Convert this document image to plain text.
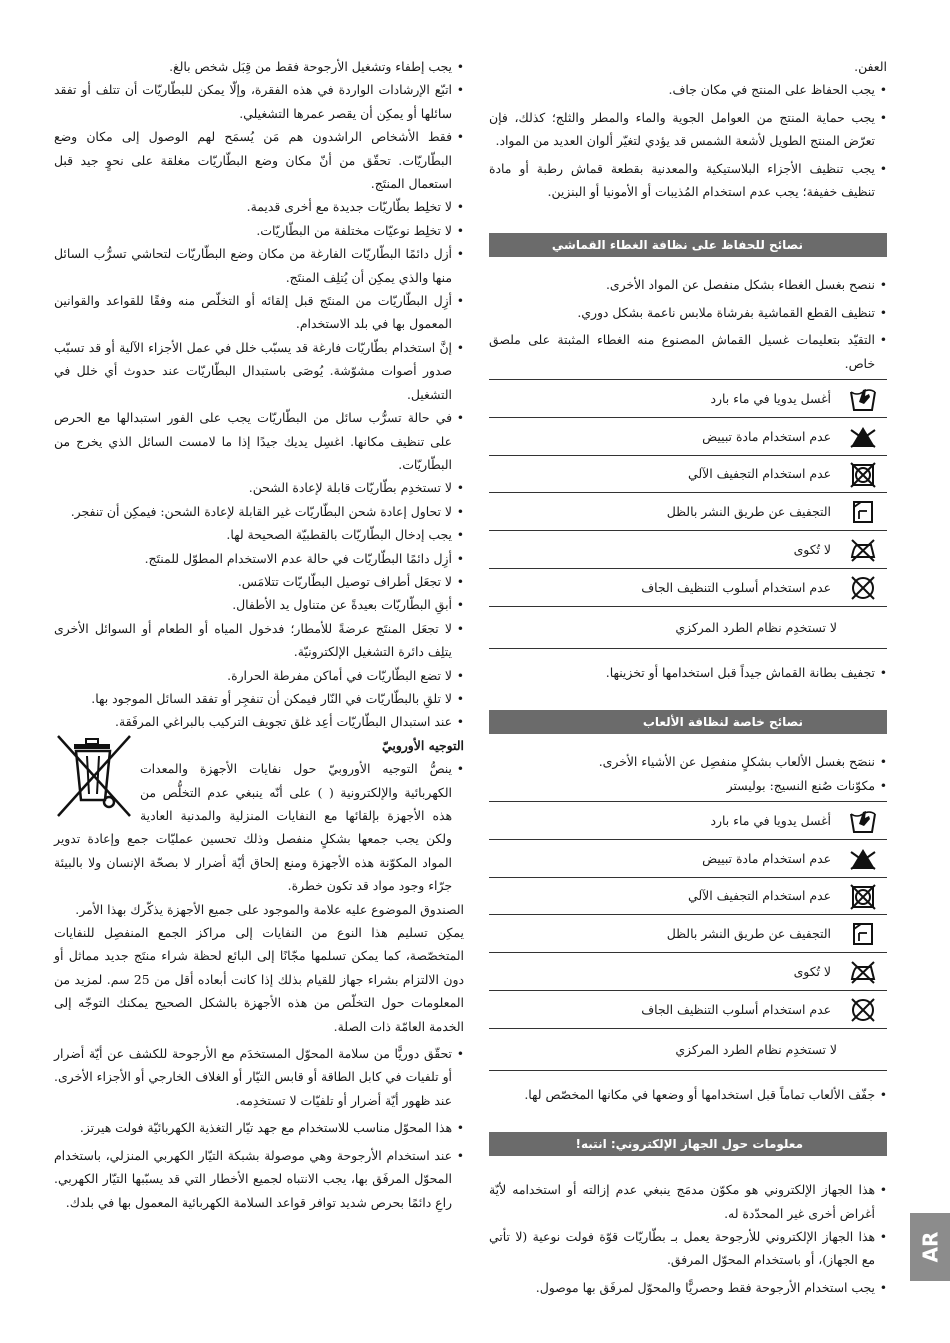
العفن.
• يجب الحفاظ على المنتج في مكان جاف.
• يجب حماية المنتج من العوامل الجوية والماء والمطر والثلج؛ كذلك، فإن تعرّض المنتج الطويل لأشعة الشمس قد يؤدي لتغيّر ألوان العديد من المواد.
• يجب تنظيف الأجزاء البلاستيكية والمعدنية بقطعة قماش رطبة أو مادة تنظيف خفيفة؛ يجب عدم استخدام المُذيبات أو الأمونيا أو البنزين.
نصائح للحفاظ على نظافة الغطاء القماشي
• ننصح بغسل الغطاء بشكل منفصل عن المواد الأخرى.
• تنظيف القطع القماشية بفرشاة ملابس ناعمة بشكل دوري.
• التقيّد بتعليمات غسيل القماش المصنوع منه الغطاء المثبتة على ملصق خاص.
أغسل يدويا في ماء بارد
عدم استخدام مادة تبييض
عدم استخدام التجفيف الآلي
التجفيف عن طريق النشر بالظل
لا تُكوى
عدم استخدام أسلوب التنظيف الجاف
لا تستخدِم نظام الطرد المركزي
• تجفيف بطانة القماش جيداً قبل استخدامها أو تخزينها.
نصائح خاصة لنظافة الألعاب
• ننصَح بغسل الألعاب بشكلٍ منفصِل عن الأشياء الأخرى.
• مكوّنات صُنع النسيج: بوليستر
أغسل يدويا في ماء بارد
عدم استخدام مادة تبييض
عدم استخدام التجفيف الآلي
التجفيف عن طريق النشر بالظل
لا تُكوى
عدم استخدام أسلوب التنظيف الجاف
لا تستخدِم نظام الطرد المركزي
• جفّف الألعاب تماماً قبل استخدامها أو وضعها في مكانها المخصّص لها.
معلومات حول الجهاز الإلكتروني: انتبه!
• هذا الجهاز الإلكتروني هو مكوّن مدمَج ينبغي عدم إزالته أو استخدامه لأيّة أغراض أخرى غير المحدّدة له.
• هذا الجهاز الإلكتروني للأرجوحة يعمل بـ بطّاريّات قوّة فولت نوعية (لا تأتي مع الجهاز)، أو باستخدام المحوّل المرفق.
• يجب استخدام الأرجوحة فقط وحصريًّا والمحوّل لمرفَق بها موصول.
• يجب إطفاء وتشغيل الأرجوحة فقط من قِبَل شخص بالغ.
• اتبّع الإرشادات الواردة في هذه الفقرة، وإلّا يمكن للبطّاريّات أن تتلف أو تفقد سائلها أو يمكِن أن يقصر عمرها التشغيلي.
• فقط الأشخاص الراشدون هم مَن يُسمَح لهم الوصول إلى مكان وضع البطّاريّات. تحقّق من أنّ مكان وضع البطّاريّات مغلقة على نحوٍ جيد قبل استعمال المنتَج.
• لا تخلِط بطّاريّات جديدة مع أخرى قديمة.
• لا تخلِط نوعيّات مختلفة من البطّاريّات.
• أزل دائمًا البطّاريّات الفارغة من مكان وضع البطّاريّات لتحاشي تسرُّب السائل منها والذي يمكِن أن يُتلِف المنتَج.
• أزِل البطّاريّات من المنتَج قبل إلقائه أو التخلّص منه وفقًا للقواعد والقوانين المعمول بها في بلد الاستخدام.
• إنَّ استخدام بطّاريّات فارغة قد يسبّب خلل في عمل الأجزاء الآلية أو قد تسبّب صدور أصوات مشوّشة. يُوصَى باستبدال البطّاريّات عند حدوث أي خلل في التشغيل.
• في حالة تسرُّب سائل من البطّاريّات يجب على الفور استبدالها مع الحرص على تنظيف مكانها. اغسِل يديك جيدًا إذا ما لامست السائل الذي يخرج من البطّاريّات.
• لا تستخدِم بطّاريّات قابلة لإعادة الشحن.
• لا تحاول إعادة شحن البطّاريّات غير القابلة لإعادة الشحن: فيمكِن أن تنفجر.
• يجب إدخال البطّاريّات بالقطبيّة الصحيحة لها.
• أزِل دائمًا البطّاريّات في حالة عدم الاستخدام المطوّل للمنتَج.
• لا تجعَل أطراف توصيل البطّاريّات تتلامَس.
• أبقِ البطّاريّات بعيدةً عن متناول يد الأطفال.
• لا تجعَل المنتَج عرضةً للأمطار؛ فدخول المياه أو الطعام أو السوائل الأخرى يتلِف دائرة التشغيل الإلكترونيّة.
• لا تضع البطّاريّات في أماكن مفرطة الحرارة.
• لا تلقِ بالبطّاريّات في النّار فيمكن أن تنفجِر أو تفقد السائل الموجود بها.
• عند استبدال البطّاريّات أعِد غلق تجويف التركيب بالبراغي المرفَقة.
التوجيه الأوروبيّ
• ينصُّ التوجيه الأوروبيّ حول نفايات الأجهزة والمعدات الكهربائية والإلكترونية ( ) على أنّه ينبغي عدم التخلُّص من هذه الأجهزة بإلقائها مع النفايات المنزلية والمدنية العادية ولكن يجب جمعها بشكلٍ منفصل وذلك تحسين عمليّات جمع وإعادة تدوير المواد المكوّنة هذه الأجهزة ومنع إلحاق أيّة أضرار لا بصحّة الإنسان ولا بالبيئة جرّاء وجود مواد قد تكون خطرة.
الصندوق الموضوع عليه علامة والموجود على جميع الأجهزة يذكّرك بهذا الأمر.
يمكِن تسليم هذا النوع من النفايات إلى مراكز الجمع المنفصِل للنفايات المتخصّصة، كما يمكن تسلمها مجّانًا إلى البائع لحظة شراء منتَج جديد مماثل أو دون الالتزام بشراء جهاز للقيام بذلك إذا كانت أبعاده أقل من 25 سم. لمزيد من المعلومات حول التخلّص من هذه الأجهزة بالشكل الصحيح يمكنك التوجّه إلى الخدمة العامّة ذات الصلة.
• تحقّق دوريًّا من سلامة المحوّل المستخدَم مع الأرجوحة للكشف عن أيّة أضرار أو تلفيات في كابل الطاقة أو قابس التيّار أو الغلاف الخارجي أو الأجزاء الأخرى. عند ظهور أيّة أضرار أو تلفيّات لا تستخدِمه.
• هذا المحوّل مناسب للاستخدام مع جهد تيّار التغذية الكهربائيّة فولت هيرتز.
• عند استخدام الأرجوحة وهي موصولة بشبكة التيّار الكهربي المنزلي، باستخدام المحوّل المرفَق بها، يجب الانتباه لجميع الأخطار التي قد يسبّبها التيّار الكهربي. راعِ دائمًا بحرص شديد توافر قواعد السلامة الكهربائية المعمول بها في بلدك.
AR
